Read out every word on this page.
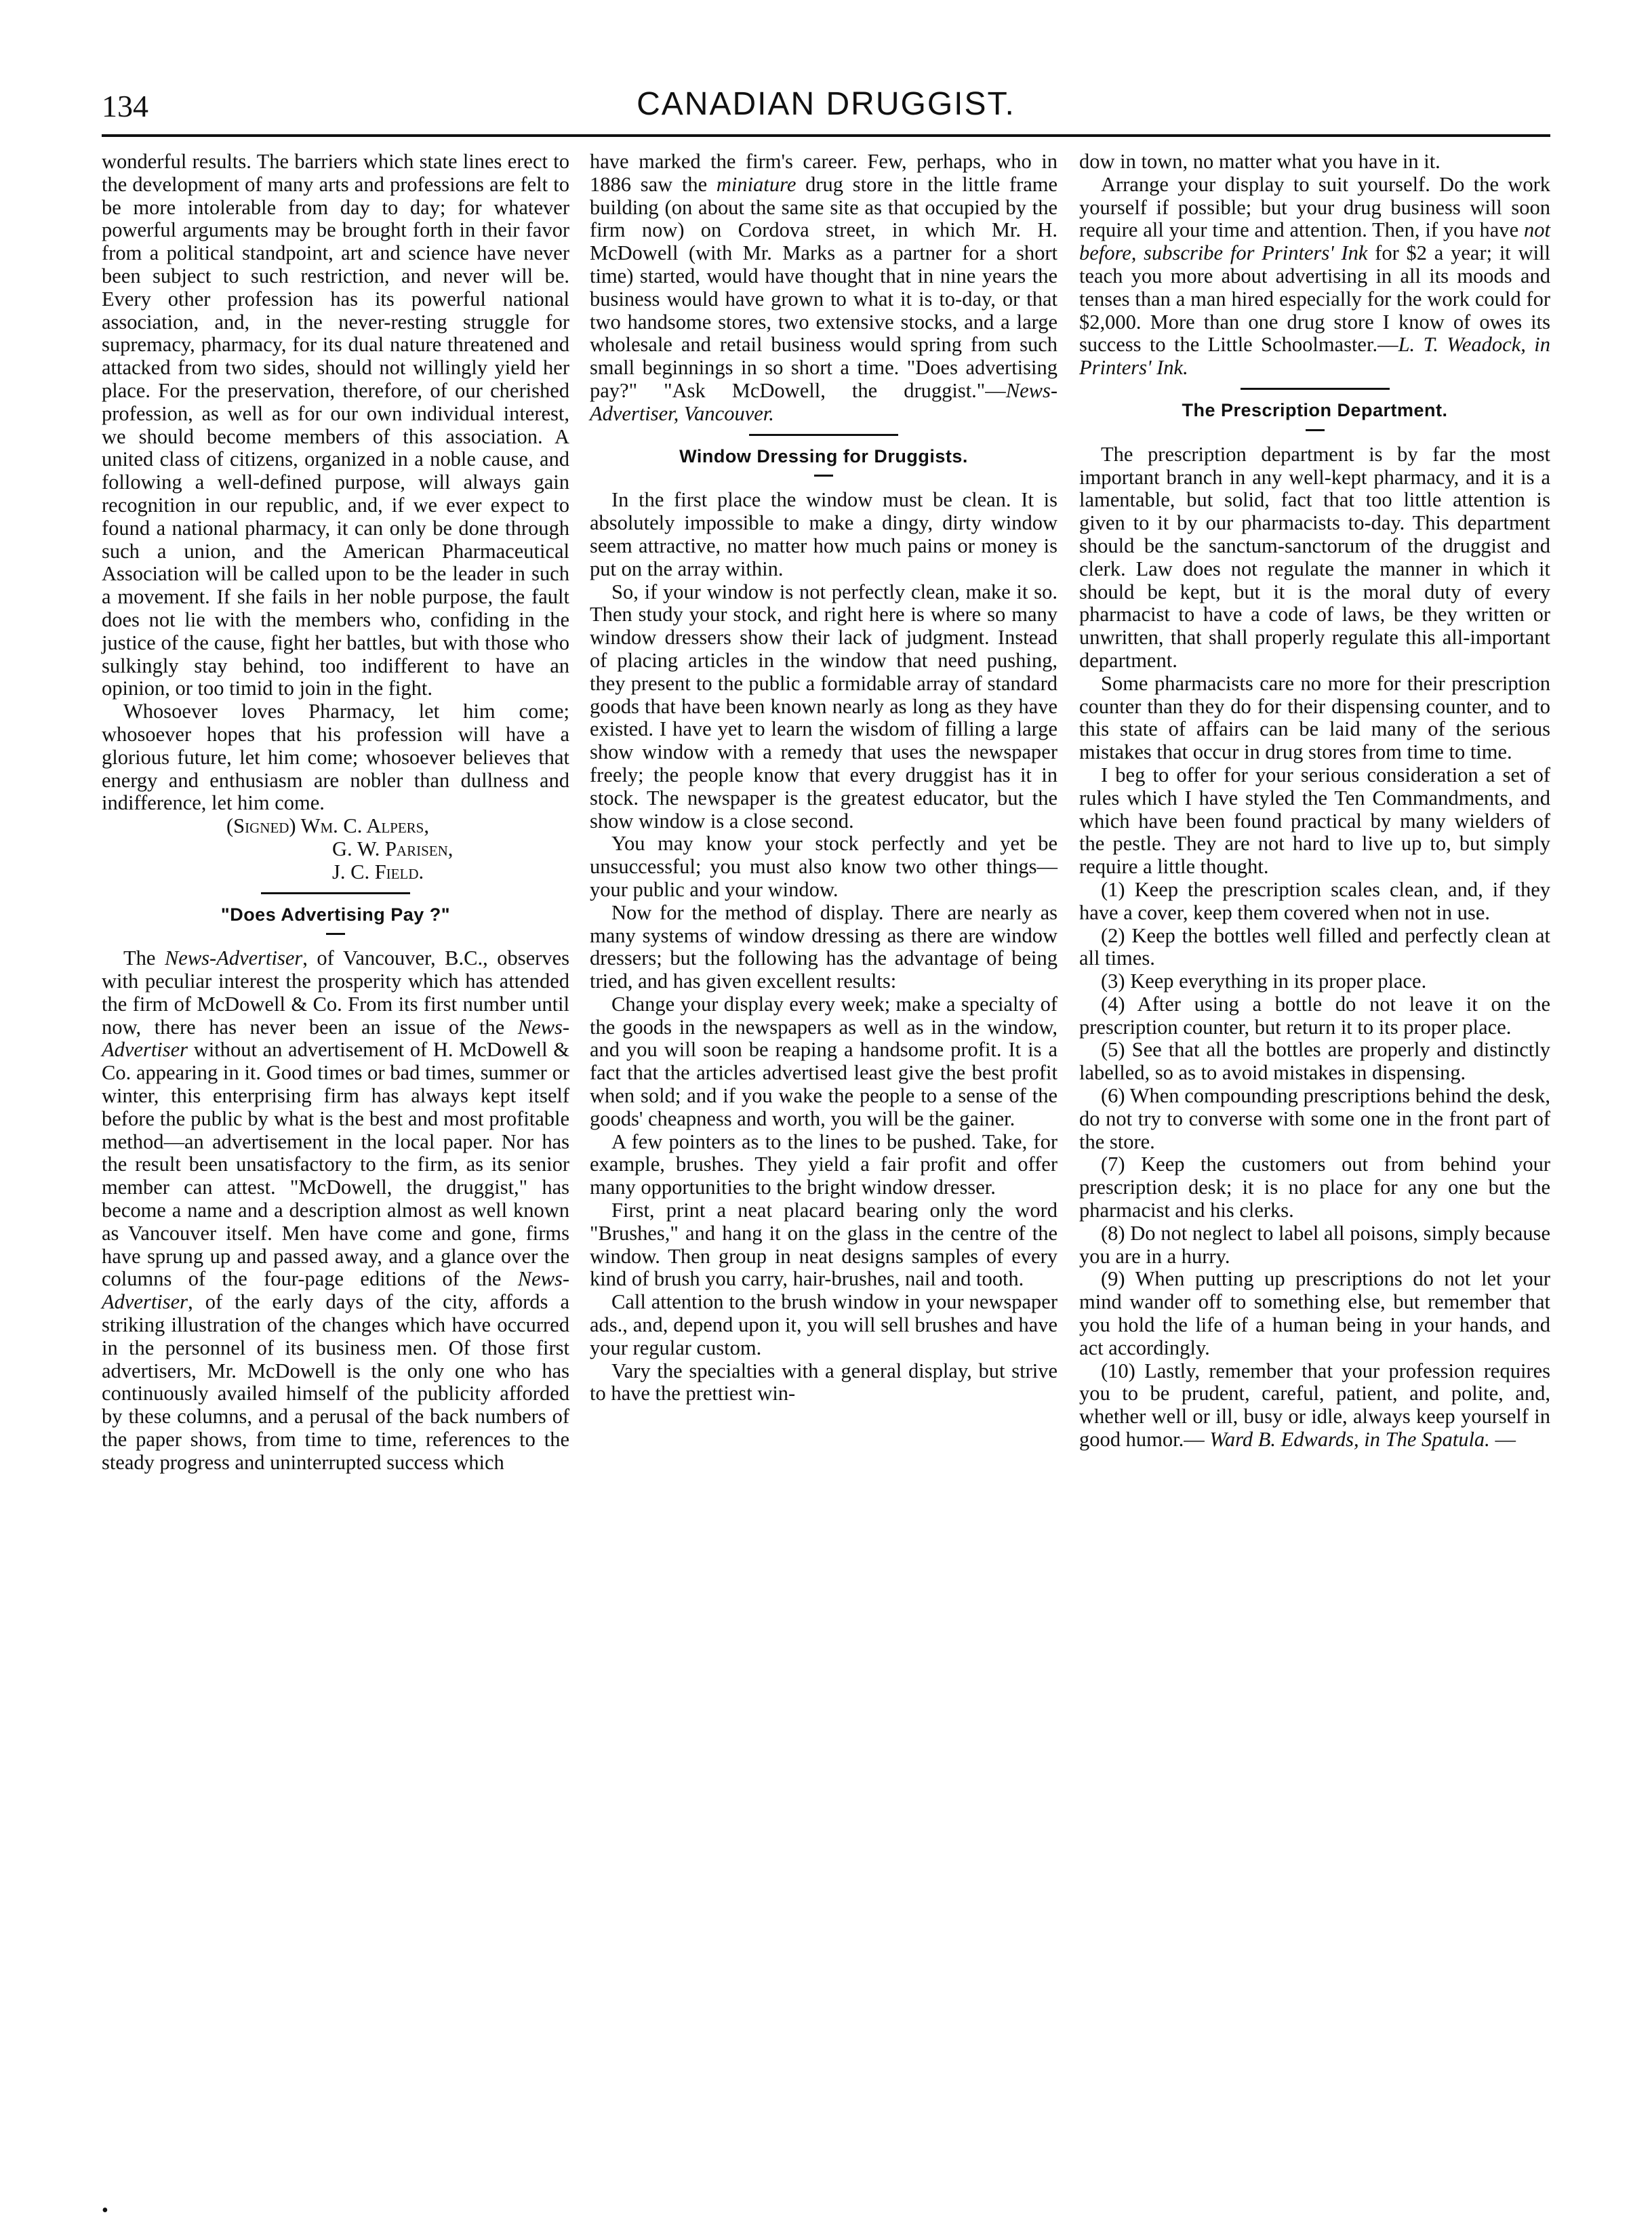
134	CANADIAN DRUGGIST.

wonderful results. The barriers which state lines erect to the development of many arts and professions are felt to be more intolerable from day to day; for whatever powerful arguments may be brought forth in their favor from a political standpoint, art and science have never been subject to such restriction, and never will be. Every other profession has its powerful national association, and, in the never-resting struggle for supremacy, pharmacy, for its dual nature threatened and attacked from two sides, should not willingly yield her place. For the preservation, therefore, of our cherished profession, as well as for our own individual interest, we should become members of this association. A united class of citizens, organized in a noble cause, and following a well-defined purpose, will always gain recognition in our republic, and, if we ever expect to found a national pharmacy, it can only be done through such a union, and the American Pharmaceutical Association will be called upon to be the leader in such a movement. If she fails in her noble purpose, the fault does not lie with the members who, confiding in the justice of the cause, fight her battles, but with those who sulkingly stay behind, too indifferent to have an opinion, or too timid to join in the fight.

Whosoever loves Pharmacy, let him come; whosoever hopes that his profession will have a glorious future, let him come; whosoever believes that energy and enthusiasm are nobler than dullness and indifference, let him come.

(Signed) Wm. C. Alpers,
G. W. Parisen,
J. C. Field.
"Does Advertising Pay ?"

The News-Advertiser, of Vancouver, B.C., observes with peculiar interest the prosperity which has attended the firm of McDowell & Co. From its first number until now, there has never been an issue of the News-Advertiser without an advertisement of H. McDowell & Co. appearing in it. Good times or bad times, summer or winter, this enterprising firm has always kept itself before the public by what is the best and most profitable method—an advertisement in the local paper. Nor has the result been unsatisfactory to the firm, as its senior member can attest. "McDowell, the druggist," has become a name and a description almost as well known as Vancouver itself. Men have come and gone, firms have sprung up and passed away, and a glance over the columns of the four-page editions of the News-Advertiser, of the early days of the city, affords a striking illustration of the changes which have occurred in the personnel of its business men. Of those first advertisers, Mr. McDowell is the only one who has continuously availed himself of the publicity afforded by these columns, and a perusal of the back numbers of the paper shows, from time to time, references to the steady progress and uninterrupted success which

have marked the firm's career. Few, perhaps, who in 1886 saw the miniature drug store in the little frame building (on about the same site as that occupied by the firm now) on Cordova street, in which Mr. H. McDowell (with Mr. Marks as a partner for a short time) started, would have thought that in nine years the business would have grown to what it is to-day, or that two handsome stores, two extensive stocks, and a large wholesale and retail business would spring from such small beginnings in so short a time. "Does advertising pay?" "Ask McDowell, the druggist."—News-Advertiser, Vancouver.

Window Dressing for Druggists.

In the first place the window must be clean. It is absolutely impossible to make a dingy, dirty window seem attractive, no matter how much pains or money is put on the array within.

So, if your window is not perfectly clean, make it so. Then study your stock, and right here is where so many window dressers show their lack of judgment. Instead of placing articles in the window that need pushing, they present to the public a formidable array of standard goods that have been known nearly as long as they have existed. I have yet to learn the wisdom of filling a large show window with a remedy that uses the newspaper freely; the people know that every druggist has it in stock. The newspaper is the greatest educator, but the show window is a close second.

You may know your stock perfectly and yet be unsuccessful; you must also know two other things—your public and your window.

Now for the method of display. There are nearly as many systems of window dressing as there are window dressers; but the following has the advantage of being tried, and has given excellent results:

Change your display every week; make a specialty of the goods in the newspapers as well as in the window, and you will soon be reaping a handsome profit. It is a fact that the articles advertised least give the best profit when sold; and if you wake the people to a sense of the goods' cheapness and worth, you will be the gainer.

A few pointers as to the lines to be pushed. Take, for example, brushes. They yield a fair profit and offer many opportunities to the bright window dresser.

First, print a neat placard bearing only the word "Brushes," and hang it on the glass in the centre of the window. Then group in neat designs samples of every kind of brush you carry, hair-brushes, nail and tooth.

Call attention to the brush window in your newspaper ads., and, depend upon it, you will sell brushes and have your regular custom.

Vary the specialties with a general display, but strive to have the prettiest win-

dow in town, no matter what you have in it.

Arrange your display to suit yourself. Do the work yourself if possible; but your drug business will soon require all your time and attention. Then, if you have not before, subscribe for Printers' Ink for $2 a year; it will teach you more about advertising in all its moods and tenses than a man hired especially for the work could for $2,000. More than one drug store I know of owes its success to the Little Schoolmaster.—L. T. Weadock, in Printers' Ink.

The Prescription Department.

The prescription department is by far the most important branch in any well-kept pharmacy, and it is a lamentable, but solid, fact that too little attention is given to it by our pharmacists to-day. This department should be the sanctum-sanctorum of the druggist and clerk. Law does not regulate the manner in which it should be kept, but it is the moral duty of every pharmacist to have a code of laws, be they written or unwritten, that shall properly regulate this all-important department.

Some pharmacists care no more for their prescription counter than they do for their dispensing counter, and to this state of affairs can be laid many of the serious mistakes that occur in drug stores from time to time.

I beg to offer for your serious consideration a set of rules which I have styled the Ten Commandments, and which have been found practical by many wielders of the pestle. They are not hard to live up to, but simply require a little thought.

(1) Keep the prescription scales clean, and, if they have a cover, keep them covered when not in use.

(2) Keep the bottles well filled and perfectly clean at all times.

(3) Keep everything in its proper place.

(4) After using a bottle do not leave it on the prescription counter, but return it to its proper place.

(5) See that all the bottles are properly and distinctly labelled, so as to avoid mistakes in dispensing.

(6) When compounding prescriptions behind the desk, do not try to converse with some one in the front part of the store.

(7) Keep the customers out from behind your prescription desk; it is no place for any one but the pharmacist and his clerks.

(8) Do not neglect to label all poisons, simply because you are in a hurry.

(9) When putting up prescriptions do not let your mind wander off to something else, but remember that you hold the life of a human being in your hands, and act accordingly.

(10) Lastly, remember that your profession requires you to be prudent, careful, patient, and polite, and, whether well or ill, busy or idle, always keep yourself in good humor.— Ward B. Edwards, in The Spatula. —

•
